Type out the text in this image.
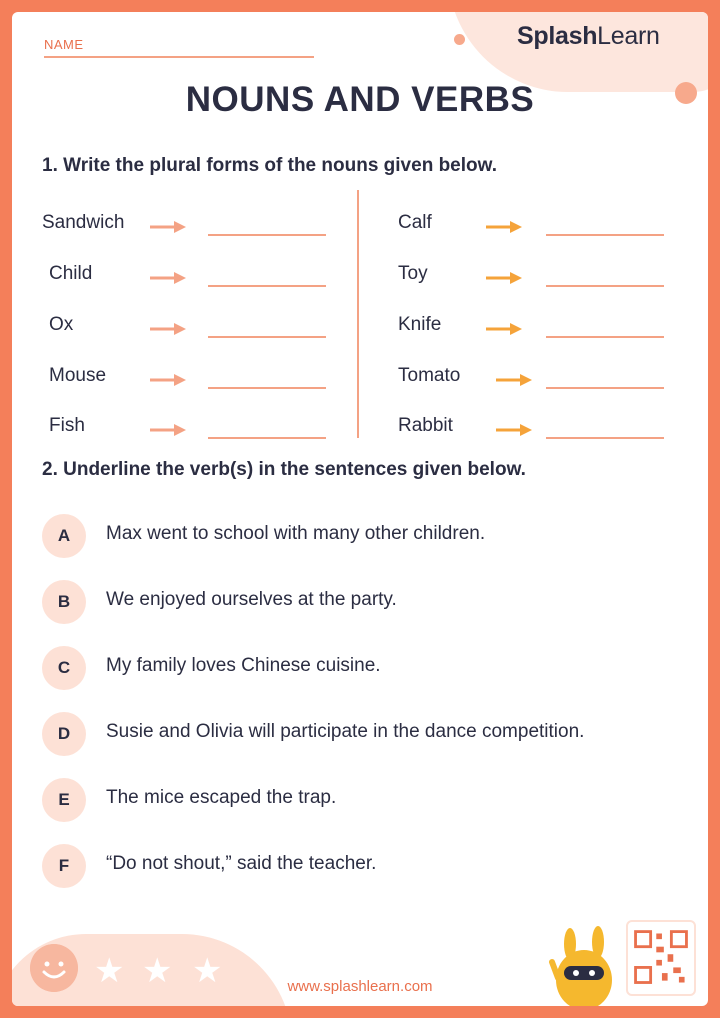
NAME	SplashLearn
NOUNS AND VERBS
1. Write the plural forms of the nouns given below.
Sandwich
Child
Ox
Mouse
Fish
Calf
Toy
Knife
Tomato
Rabbit
2. Underline the verb(s) in the sentences given below.
A	Max went to school with many other children.
B	We enjoyed ourselves at the party.
C	My family loves Chinese cuisine.
D	Susie and Olivia will participate in the dance competition.
E	The mice escaped the trap.
F	“Do not shout,” said the teacher.
★ ★ ★	www.splashlearn.com
